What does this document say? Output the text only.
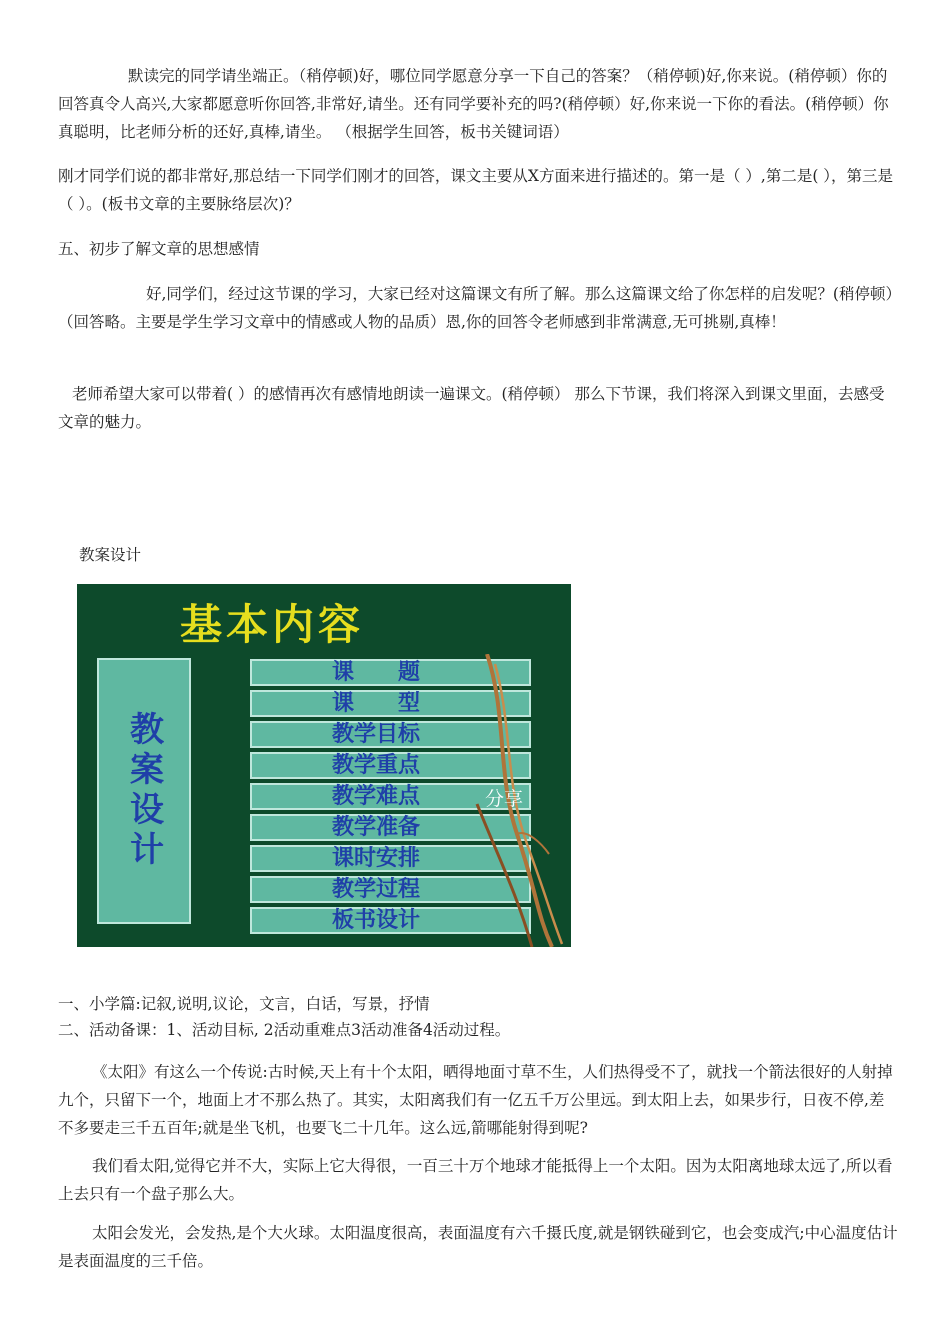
默读完的同学请坐端正。（稍停顿)好，哪位同学愿意分享一下自己的答案？（稍停顿)好,你来说。(稍停顿）你的回答真令人高兴,大家都愿意听你回答,非常好,请坐。还有同学要补充的吗?(稍停顿）好,你来说一下你的看法。(稍停顿）你真聪明，比老师分析的还好,真棒,请坐。 （根据学生回答，板书关键词语）

刚才同学们说的都非常好,那总结一下同学们刚才的回答，课文主要从X方面来进行描述的。第一是（ ）,第二是( ），第三是（ ）。(板书文章的主要脉络层次)？

五、初步了解文章的思想感情

好,同学们，经过这节课的学习，大家已经对这篇课文有所了解。那么这篇课文给了你怎样的启发呢？(稍停顿）（回答略。主要是学生学习文章中的情感或人物的品质）恩,你的回答令老师感到非常满意,无可挑剔,真棒！

老师希望大家可以带着( ）的感情再次有感情地朗读一遍课文。(稍停顿） 那么下节课，我们将深入到课文里面，去感受文章的魅力。

教案设计

基本内容

教案设计
课　　题
课　　型
教学目标
教学重点
教学难点
教学准备
课时安排
教学过程
板书设计
分享

一、小学篇:记叙,说明,议论，文言，白话，写景，抒情

二、活动备课：1、活动目标, 2活动重难点3活动准备4活动过程。

《太阳》有这么一个传说:古时候,天上有十个太阳，晒得地面寸草不生，人们热得受不了，就找一个箭法很好的人射掉九个，只留下一个，地面上才不那么热了。其实，太阳离我们有一亿五千万公里远。到太阳上去，如果步行，日夜不停,差不多要走三千五百年;就是坐飞机，也要飞二十几年。这么远,箭哪能射得到呢?

我们看太阳,觉得它并不大，实际上它大得很，一百三十万个地球才能抵得上一个太阳。因为太阳离地球太远了,所以看上去只有一个盘子那么大。

太阳会发光，会发热,是个大火球。太阳温度很高，表面温度有六千摄氏度,就是钢铁碰到它，也会变成汽;中心温度估计是表面温度的三千倍。
